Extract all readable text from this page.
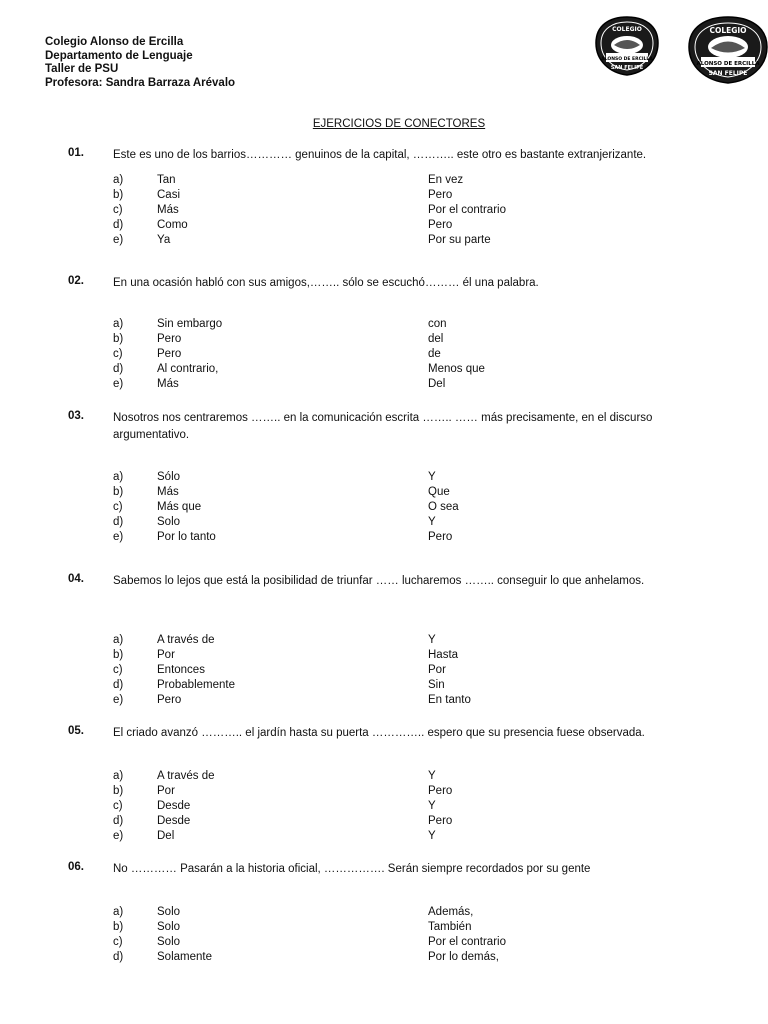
Colegio Alonso de Ercilla
Departamento de Lenguaje
Taller de PSU
Profesora: Sandra Barraza Arévalo
COLEGIO
ALONSO DE ERCILLA
SAN FELIPE
COLEGIO
ALONSO DE ERCILLA
SAN FELIPE
EJERCICIOS DE CONECTORES
01.	Este es uno de los barrios………… genuinos de la capital, ……….. este otro es bastante extranjerizante.
a)	Tan	En vez
b)	Casi	Pero
c)	Más	Por el contrario
d)	Como	Pero
e)	Ya	Por su parte
02.	En una ocasión habló con sus amigos,…….. sólo se escuchó……… él una palabra.
a)	Sin embargo	con
b)	Pero	del
c)	Pero	de
d)	Al contrario,	Menos que
e)	Más	Del
03.	Nosotros nos centraremos …….. en la comunicación escrita …….. …… más precisamente, en el discurso argumentativo.
a)	Sólo	Y
b)	Más	Que
c)	Más que	O sea
d)	Solo	Y
e)	Por lo tanto	Pero
04.	Sabemos lo lejos que está la posibilidad de triunfar …… lucharemos …….. conseguir lo que anhelamos.
a)	A través de	Y
b)	Por	Hasta
c)	Entonces	Por
d)	Probablemente	Sin
e)	Pero	En tanto
05.	El criado avanzó ……….. el jardín hasta su puerta ………….. espero que su presencia fuese observada.
a)	A través de	Y
b)	Por	Pero
c)	Desde	Y
d)	Desde	Pero
e)	Del	Y
06.	No ………… Pasarán a la historia oficial, ……………. Serán siempre recordados por su gente
a)	Solo	Además,
b)	Solo	También
c)	Solo	Por el contrario
d)	Solamente	Por lo demás,
